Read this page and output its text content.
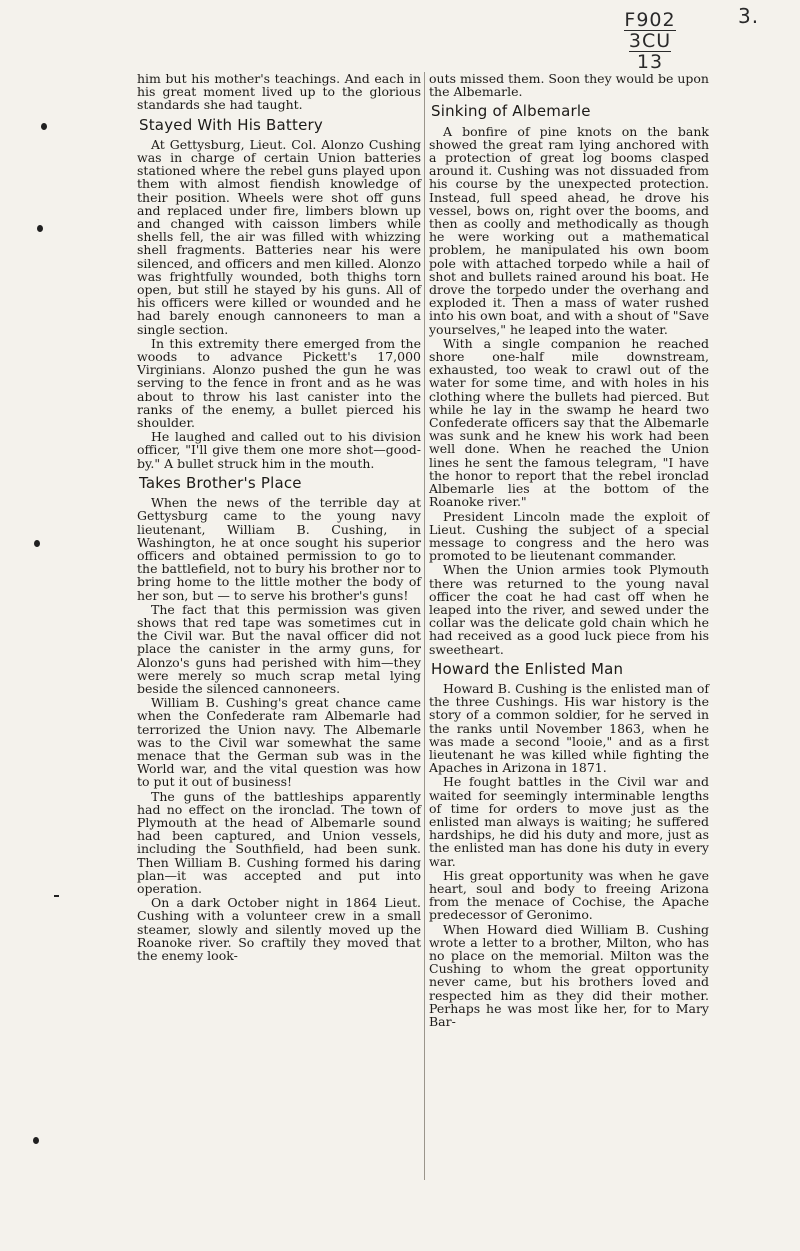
F902
3CU

13
3.

him but his mother's teachings. And each in his great moment lived up to the glorious standards she had taught.

Stayed With His Battery

At Gettysburg, Lieut. Col. Alonzo Cushing was in charge of certain Union batteries stationed where the rebel guns played upon them with almost fiendish knowledge of their position. Wheels were shot off guns and replaced under fire, limbers blown up and changed with caisson limbers while shells fell, the air was filled with whizzing shell fragments. Batteries near his were silenced, and officers and men killed. Alonzo was frightfully wounded, both thighs torn open, but still he stayed by his guns. All of his officers were killed or wounded and he had barely enough cannoneers to man a single section.

In this extremity there emerged from the woods to advance Pickett's 17,000 Virginians. Alonzo pushed the gun he was serving to the fence in front and as he was about to throw his last canister into the ranks of the enemy, a bullet pierced his shoulder.

He laughed and called out to his division officer, "I'll give them one more shot—good-by." A bullet struck him in the mouth.

Takes Brother's Place

When the news of the terrible day at Gettysburg came to the young navy lieutenant, William B. Cushing, in Washington, he at once sought his superior officers and obtained permission to go to the battlefield, not to bury his brother nor to bring home to the little mother the body of her son, but — to serve his brother's guns!

The fact that this permission was given shows that red tape was sometimes cut in the Civil war. But the naval officer did not place the canister in the army guns, for Alonzo's guns had perished with him—they were merely so much scrap metal lying beside the silenced cannoneers.

William B. Cushing's great chance came when the Confederate ram Albemarle had terrorized the Union navy. The Albemarle was to the Civil war somewhat the same menace that the German sub was in the World war, and the vital question was how to put it out of business!

The guns of the battleships apparently had no effect on the ironclad. The town of Plymouth at the head of Albemarle sound had been captured, and Union vessels, including the Southfield, had been sunk. Then William B. Cushing formed his daring plan—it was accepted and put into operation.

On a dark October night in 1864 Lieut. Cushing with a volunteer crew in a small steamer, slowly and silently moved up the Roanoke river. So craftily they moved that the enemy look-

outs missed them. Soon they would be upon the Albemarle.

Sinking of Albemarle

A bonfire of pine knots on the bank showed the great ram lying anchored with a protection of great log booms clasped around it. Cushing was not dissuaded from his course by the unexpected protection. Instead, full speed ahead, he drove his vessel, bows on, right over the booms, and then as coolly and methodically as though he were working out a mathematical problem, he manipulated his own boom pole with attached torpedo while a hail of shot and bullets rained around his boat. He drove the torpedo under the overhang and exploded it. Then a mass of water rushed into his own boat, and with a shout of "Save yourselves," he leaped into the water.

With a single companion he reached shore one-half mile downstream, exhausted, too weak to crawl out of the water for some time, and with holes in his clothing where the bullets had pierced. But while he lay in the swamp he heard two Confederate officers say that the Albemarle was sunk and he knew his work had been well done. When he reached the Union lines he sent the famous telegram, "I have the honor to report that the rebel ironclad Albemarle lies at the bottom of the Roanoke river."

President Lincoln made the exploit of Lieut. Cushing the subject of a special message to congress and the hero was promoted to be lieutenant commander.

When the Union armies took Plymouth there was returned to the young naval officer the coat he had cast off when he leaped into the river, and sewed under the collar was the delicate gold chain which he had received as a good luck piece from his sweetheart.

Howard the Enlisted Man

Howard B. Cushing is the enlisted man of the three Cushings. His war history is the story of a common soldier, for he served in the ranks until November 1863, when he was made a second "looie," and as a first lieutenant he was killed while fighting the Apaches in Arizona in 1871.

He fought battles in the Civil war and waited for seemingly interminable lengths of time for orders to move just as the enlisted man always is waiting; he suffered hardships, he did his duty and more, just as the enlisted man has done his duty in every war.

His great opportunity was when he gave heart, soul and body to freeing Arizona from the menace of Cochise, the Apache predecessor of Geronimo.

When Howard died William B. Cushing wrote a letter to a brother, Milton, who has no place on the memorial. Milton was the Cushing to whom the great opportunity never came, but his brothers loved and respected him as they did their mother. Perhaps he was most like her, for to Mary Bar-
